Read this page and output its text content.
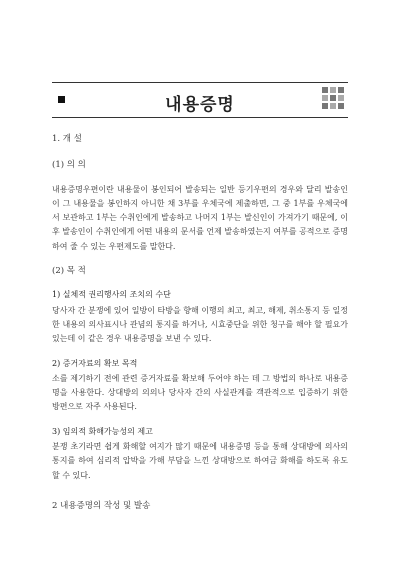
내용증명
1. 개 설
(1) 의 의
내용증명우편이란 내용물이 봉인되어 발송되는 일반 등기우편의 경우와 달리 발송인이 그 내용물을 봉인하지 아니한 채 3부를 우체국에 제출하면, 그 중 1부를 우체국에서 보관하고 1부는 수취인에게 발송하고 나머지 1부는 발신인이 가져가기 때문에, 이후 발송인이 수취인에게 어떤 내용의 문서를 언제 발송하였는지 여부를 공적으로 증명하여 줄 수 있는 우편제도를 말한다.
(2) 목 적
1) 실체적 권리행사의 조치의 수단
당사자 간 분쟁에 있어 일방이 타방을 향해 이행의 최고, 최고, 해제, 취소통지 등 일정한 내용의 의사표시나 관념의 통지를 하거나, 시효중단을 위한 청구를 해야 할 필요가 있는데 이 같은 경우 내용증명을 보낸 수 있다.
2) 증거자료의 확보 목적
소를 제기하기 전에 관련 증거자료를 확보해 두어야 하는 데 그 방법의 하나로 내용증명을 사용한다. 상대방의 의의나 당사자 간의 사실관계를 객관적으로 입증하기 위한 방편으로 자주 사용된다.
3) 임의적 화해가능성의 제고
분쟁 초기라면 쉽게 화해할 여지가 많기 때문에 내용증명 등을 통해 상대방에 의사의 통지를 하여 심리적 압박을 가해 부담을 느낀 상대방으로 하여금 화해를 하도록 유도할 수 있다.
2 내용증명의 작성 및 발송
